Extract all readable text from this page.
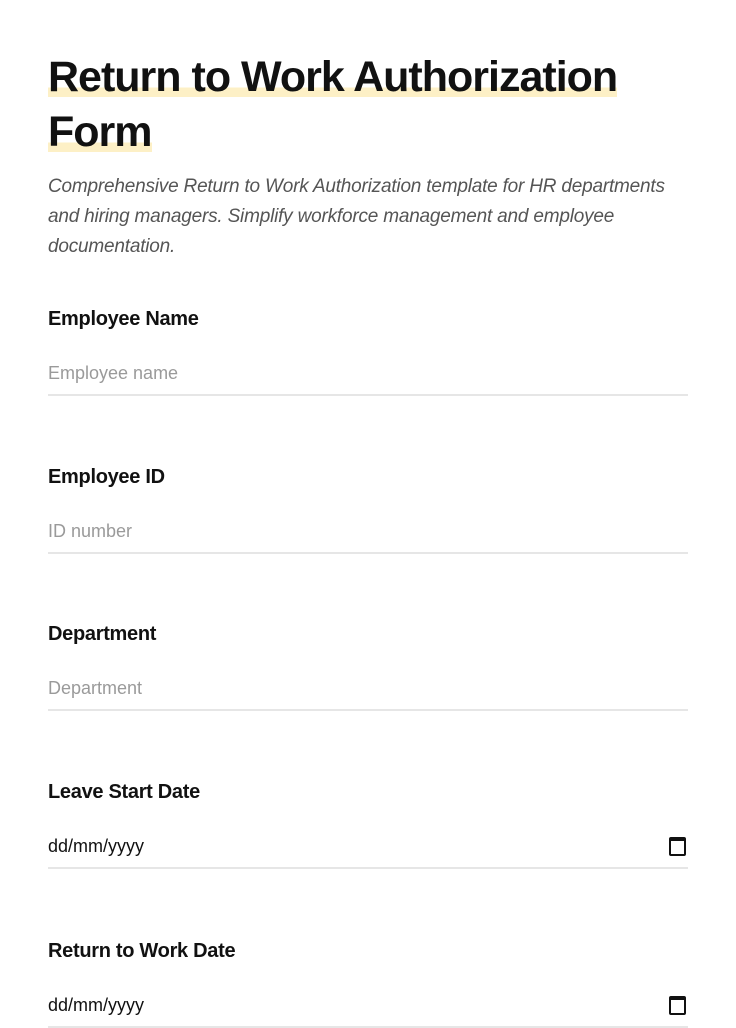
Return to Work Authorization
Form

Comprehensive Return to Work Authorization template for HR departments and hiring managers. Simplify workforce management and employee documentation.

Employee Name
Employee name
Employee ID
ID number
Department
Department
Leave Start Date
dd/mm/yyyy
Return to Work Date
dd/mm/yyyy
